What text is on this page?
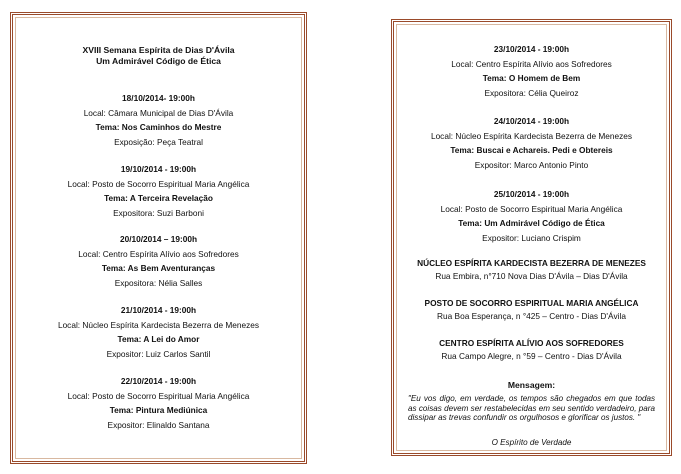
XVIII Semana Espírita de Dias D'Ávila
Um Admirável Código de Ética
18/10/2014- 19:00h
Local: Câmara Municipal de Dias D'Ávila
Tema: Nos Caminhos do Mestre
Exposição: Peça Teatral
19/10/2014 - 19:00h
Local: Posto de Socorro Espiritual Maria Angélica
Tema: A Terceira Revelação
Expositora: Suzi Barboni
20/10/2014 – 19:00h
Local: Centro Espírita Alívio aos Sofredores
Tema: As Bem Aventuranças
Expositora: Nélia Salles
21/10/2014 - 19:00h
Local: Núcleo Espírita Kardecista Bezerra de Menezes
Tema: A Lei do Amor
Expositor: Luiz Carlos Santil
22/10/2014 - 19:00h
Local: Posto de Socorro Espiritual Maria Angélica
Tema: Pintura Mediúnica
Expositor: Elinaldo Santana
23/10/2014 - 19:00h
Local: Centro Espírita Alívio aos Sofredores
Tema: O Homem de Bem
Expositora: Célia Queiroz
24/10/2014 - 19:00h
Local: Núcleo Espírita Kardecista Bezerra de Menezes
Tema: Buscai e Achareis. Pedi e Obtereis
Expositor: Marco Antonio Pinto
25/10/2014 - 19:00h
Local: Posto de Socorro Espiritual Maria Angélica
Tema: Um Admirável Código de Ética
Expositor: Luciano Crispim
NÚCLEO ESPÍRITA KARDECISTA BEZERRA DE MENEZES
Rua Embira, n°710 Nova Dias D'Ávila – Dias D'Ávila
POSTO DE SOCORRO ESPIRITUAL MARIA ANGÉLICA
Rua Boa Esperança, n °425 – Centro - Dias D'Ávila
CENTRO ESPÍRITA ALÍVIO AOS SOFREDORES
Rua Campo Alegre, n °59 – Centro - Dias D'Ávila
Mensagem:
"Eu vos digo, em verdade, os tempos são chegados em que todas as coisas devem ser restabelecidas em seu sentido verdadeiro, para dissipar as trevas confundir os orgulhosos e glorificar os justos. "
O Espírito de Verdade
